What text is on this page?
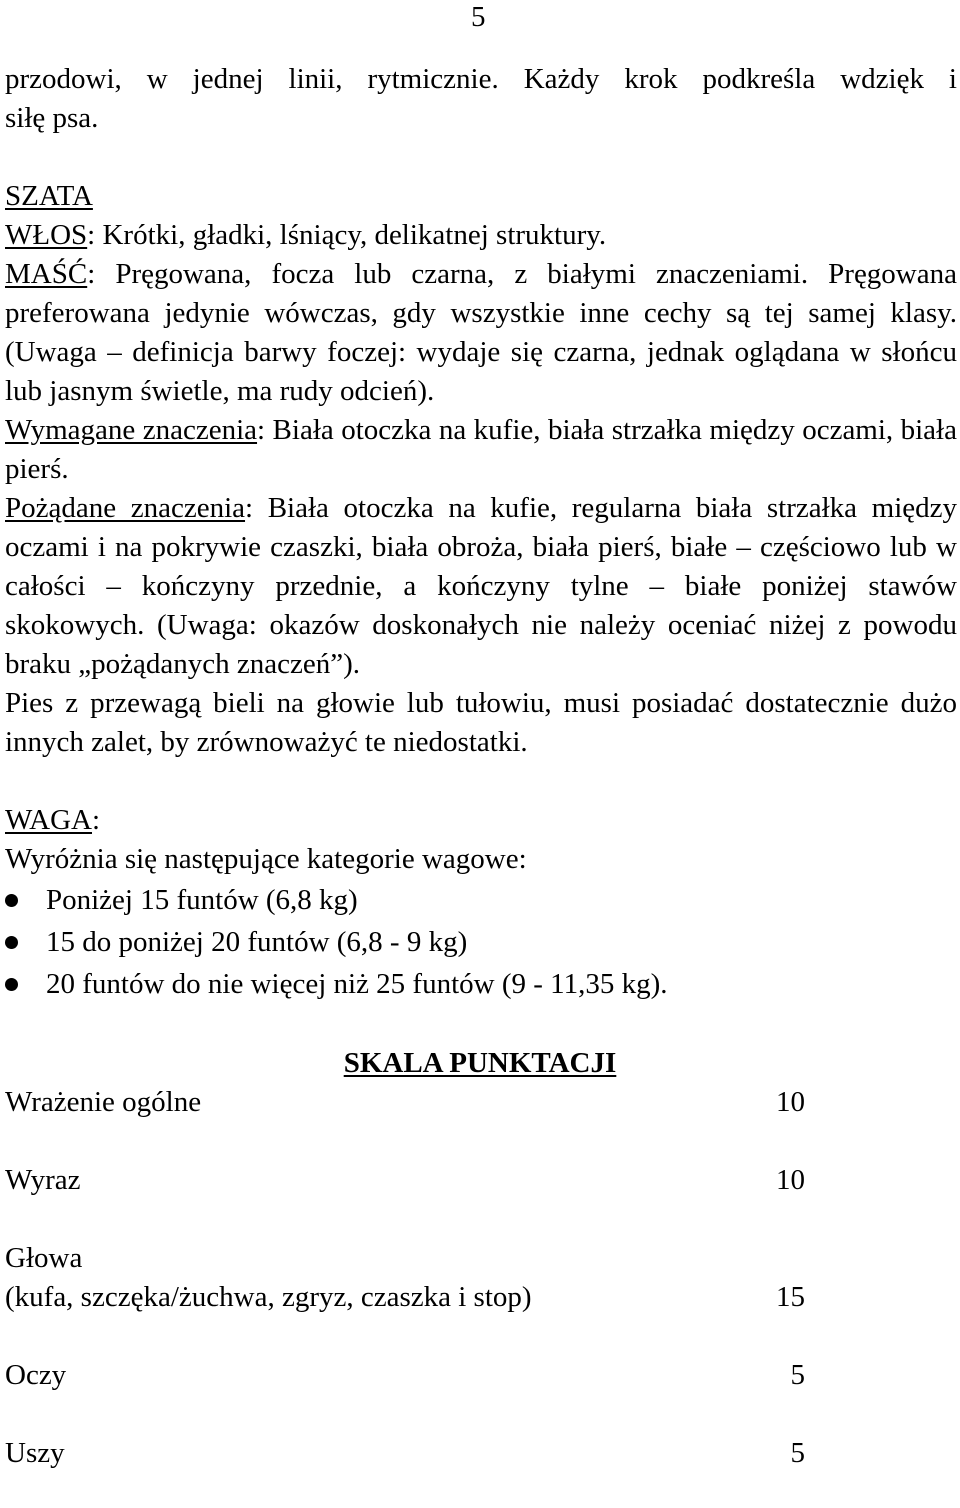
5

przodowi, w jednej linii, rytmicznie. Każdy krok podkreśla wdzięk i

siłę psa.

SZATA

WŁOS: Krótki, gładki, lśniący, delikatnej struktury.

MAŚĆ: Pręgowana, focza lub czarna, z białymi znaczeniami. Pręgowana preferowana jedynie wówczas, gdy wszystkie inne cechy są tej samej klasy. (Uwaga – definicja barwy foczej: wydaje się czarna, jednak oglądana w słońcu lub jasnym świetle, ma rudy odcień).

Wymagane znaczenia: Biała otoczka na kufie, biała strzałka między oczami, biała pierś.

Pożądane znaczenia: Biała otoczka na kufie, regularna biała strzałka między oczami i na pokrywie czaszki, biała obroża, biała pierś, białe – częściowo lub w całości – kończyny przednie, a kończyny tylne – białe poniżej stawów skokowych. (Uwaga: okazów doskonałych nie należy oceniać niżej z powodu braku „pożądanych znaczeń”).

Pies z przewagą bieli na głowie lub tułowiu, musi posiadać dostatecznie dużo innych zalet, by zrównoważyć te niedostatki.

WAGA:

Wyróżnia się następujące kategorie wagowe:

Poniżej 15 funtów (6,8 kg)
15 do poniżej 20 funtów (6,8 - 9 kg)
20 funtów do nie więcej niż 25 funtów (9 - 11,35 kg).

SKALA PUNKTACJI

Wrażenie ogólne	10
Wyraz	10
Głowa
(kufa, szczęka/żuchwa, zgryz, czaszka i stop)	15
Oczy	5
Uszy	5
